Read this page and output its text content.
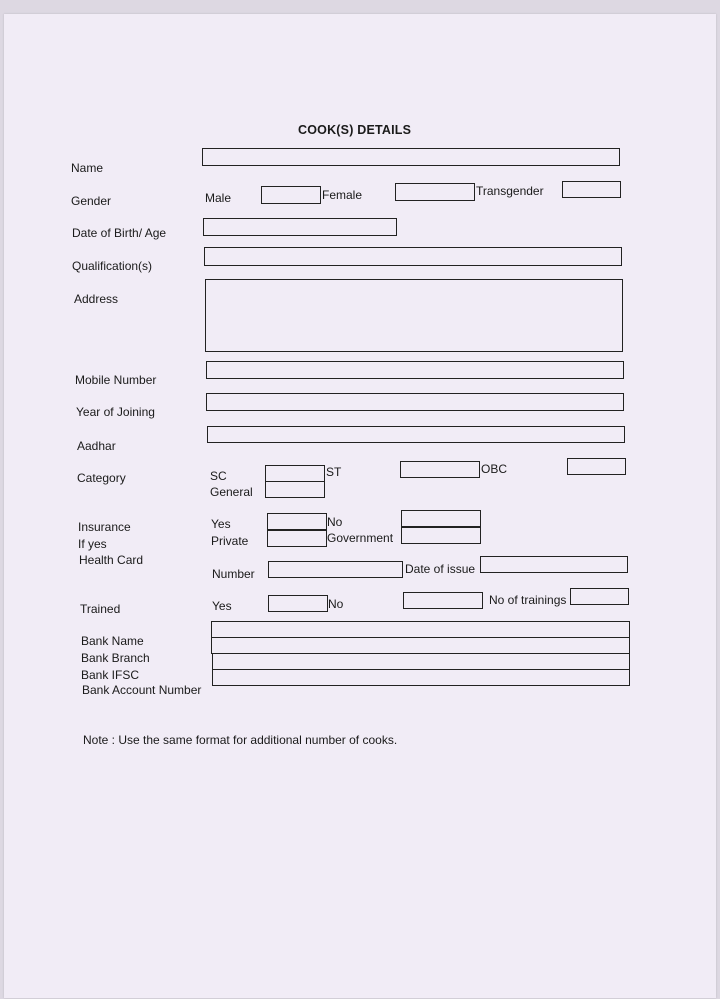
COOK(S) DETAILS
Name
Gender	Male	Female	Transgender
Date of Birth/ Age
Qualification(s)
Address
Mobile Number
Year of Joining
Aadhar
Category	SC	ST	OBC
General
Insurance
If yes
Health Card
Yes	No
Private	Government
Number	Date of issue
Trained	Yes	No	No of trainings
Bank Name
Bank Branch
Bank IFSC
Bank Account Number
Note : Use the same format for additional number of cooks.
